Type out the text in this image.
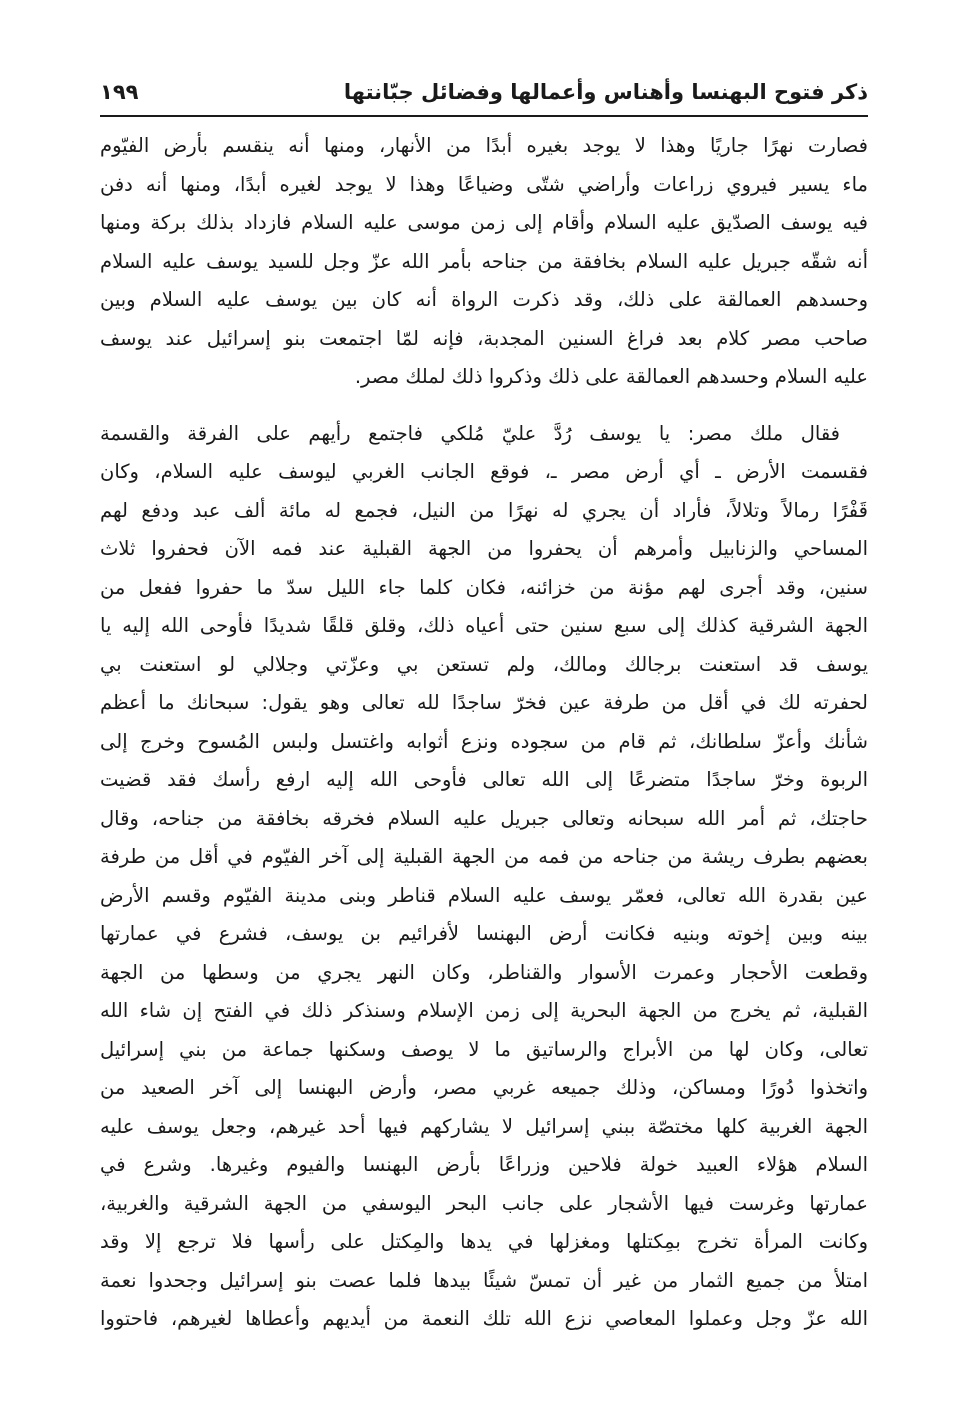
ذكر فتوح البهنسا وأهناس وأعمالها وفضائل جبّانتها
١٩٩
فصارت نهرًا جاريًا وهذا لا يوجد بغيره أبدًا من الأنهار، ومنها أنه ينقسم بأرض الفيّوم
ماء يسير فيروي زراعات وأراضي شتّى وضياعًا وهذا لا يوجد لغيره أبدًا، ومنها أنه دفن
فيه يوسف الصدّيق عليه السلام وأقام إلى زمن موسى عليه السلام فازداد بذلك بركة ومنها
أنه شقّه جبريل عليه السلام بخافقة من جناحه بأمر الله عزّ وجل للسيد يوسف عليه السلام
وحسدهم العمالقة على ذلك، وقد ذكرت الرواة أنه كان بين يوسف عليه السلام وبين
صاحب مصر كلام بعد فراغ السنين المجدبة، فإنه لمّا اجتمعت بنو إسرائيل عند يوسف
عليه السلام وحسدهم العمالقة على ذلك وذكروا ذلك لملك مصر.
فقال ملك مصر: يا يوسف رُدَّ عليّ مُلكي فاجتمع رأيهم على الفرقة والقسمة
فقسمت الأرض ـ أي أرض مصر ـ، فوقع الجانب الغربي ليوسف عليه السلام، وكان
قَفْرًا رمالاً وتلالاً، فأراد أن يجري له نهرًا من النيل، فجمع له مائة ألف عبد ودفع لهم
المساحي والزنابيل وأمرهم أن يحفروا من الجهة القبلية عند فمه الآن فحفروا ثلاث
سنين، وقد أجرى لهم مؤنة من خزائنه، فكان كلما جاء الليل سدّ ما حفروا ففعل من
الجهة الشرقية كذلك إلى سبع سنين حتى أعياه ذلك، وقلق قلقًا شديدًا فأوحى الله إليه يا
يوسف قد استعنت برجالك ومالك، ولم تستعن بي وعزّتي وجلالي لو استعنت بي
لحفرته لك في أقل من طرفة عين فخرّ ساجدًا لله تعالى وهو يقول: سبحانك ما أعظم
شأنك وأعزّ سلطانك، ثم قام من سجوده ونزع أثوابه واغتسل ولبس المُسوح وخرج إلى
الربوة وخرّ ساجدًا متضرعًا إلى الله تعالى فأوحى الله إليه ارفع رأسك فقد قضيت
حاجتك، ثم أمر الله سبحانه وتعالى جبريل عليه السلام فخرقه بخافقة من جناحه، وقال
بعضهم بطرف ريشة من جناحه من فمه من الجهة القبلية إلى آخر الفيّوم في أقل من طرفة
عين بقدرة الله تعالى، فعمّر يوسف عليه السلام قناطر وبنى مدينة الفيّوم وقسم الأرض
بينه وبين إخوته وبنيه فكانت أرض البهنسا لأفرائيم بن يوسف، فشرع في عمارتها
وقطعت الأحجار وعمرت الأسوار والقناطر، وكان النهر يجري من وسطها من الجهة
القبلية، ثم يخرج من الجهة البحرية إلى زمن الإسلام وسنذكر ذلك في الفتح إن شاء الله
تعالى، وكان لها من الأبراج والرساتيق ما لا يوصف وسكنها جماعة من بني إسرائيل
واتخذوا دُورًا ومساكن، وذلك جميعه غربي مصر، وأرض البهنسا إلى آخر الصعيد من
الجهة الغربية كلها مختصّة ببني إسرائيل لا يشاركهم فيها أحد غيرهم، وجعل يوسف عليه
السلام هؤلاء العبيد خولة فلاحين وزراعًا بأرض البهنسا والفيوم وغيرها. وشرع في
عمارتها وغرست فيها الأشجار على جانب البحر اليوسفي من الجهة الشرقية والغربية،
وكانت المرأة تخرج بمِكتلها ومغزلها في يدها والمِكتل على رأسها فلا ترجع إلا وقد
امتلأ من جميع الثمار من غير أن تمسّ شيئًا بيدها فلما عصت بنو إسرائيل وجحدوا نعمة
الله عزّ وجل وعملوا المعاصي نزع الله تلك النعمة من أيديهم وأعطاها لغيرهم، فاحتووا
